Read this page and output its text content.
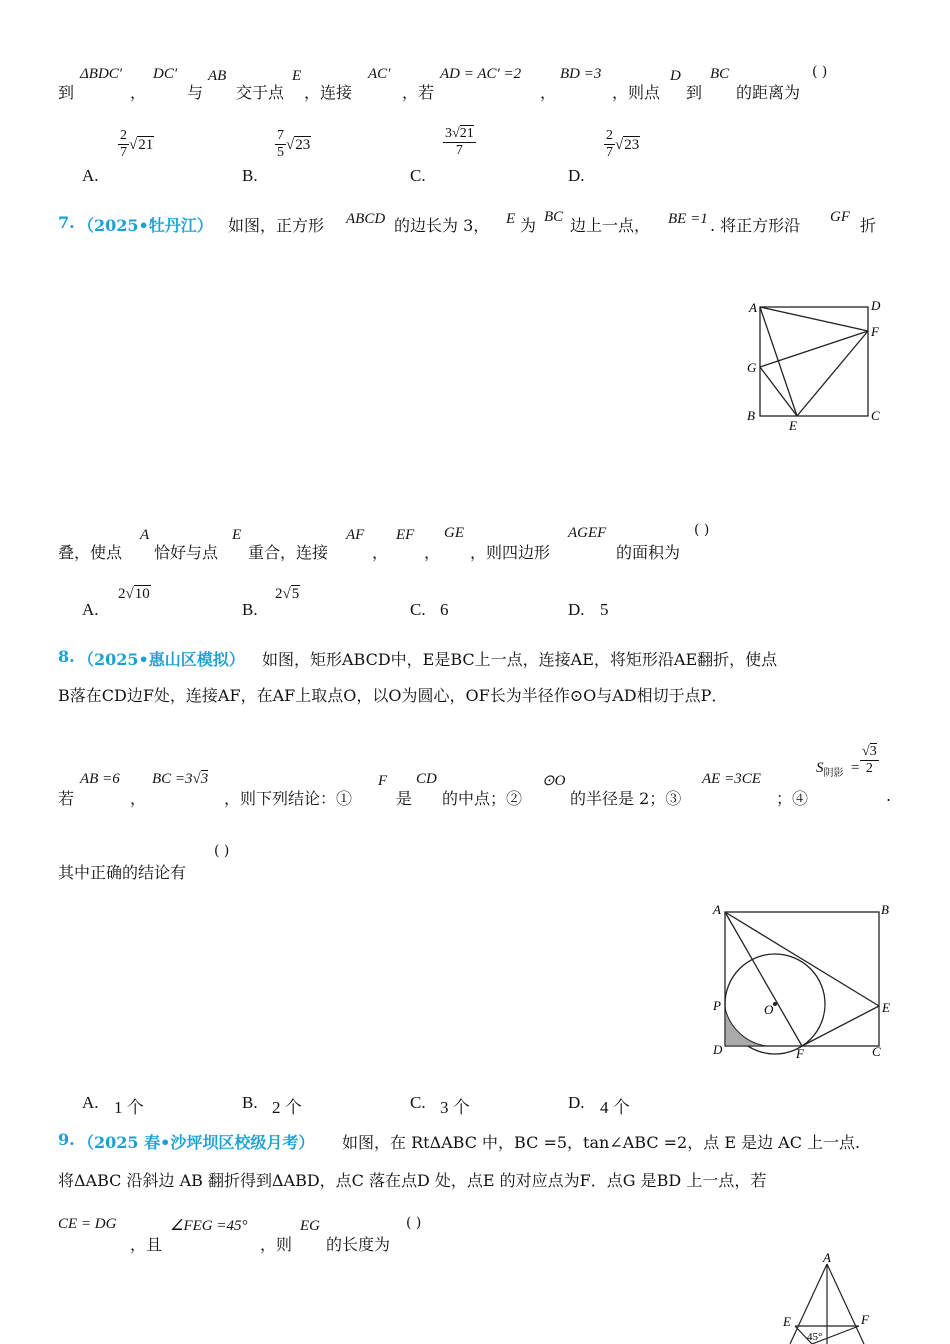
到
ΔBDC′
，
DC′
与
AB
交于点
E
，连接
AC′
，若
AD = AC′ =2
，
BD =3
，则点
D
到
BC
的距离为
( )
A.
$\frac{2}{7} √21$
B.
$\frac{7}{5} √23$
C.
$\frac{3√21}{7}$
D.
$\frac{2}{7} √23$
7. （2025•牡丹江） 如图，正方形 ABCD 的边长为 3， E 为 BC 边上一点， BE =1 . 将正方形沿 GF 折
A	D
F
G
B
E
C
叠，使点
A
恰好与点
E
重合，连接
AF
，
EF
，
GE
，则四边形
AGEF
的面积为
( )
A.
2√10
B.
2√5
C. 6	D. 5
8. （2025•惠山区模拟） 如图，矩形ABCD中，E是BC上一点，连接AE，将矩形沿AE翻折，使点
B落在CD边F处，连接AF，在AF上取点O，以O为圆心，OF长为半径作⊙O与AD相切于点P．
若
AB =6
，
BC =3√3
，则下列结论：①
F
是
CD
的中点；②
⊙O
的半径是 2；③
AE =3CE
；④
$S_{阴影} = \frac{√3}{2}$
.
其中正确的结论有
( )
A	B
P	O	E
D	F	C
A. 1 个	B. 2 个	C. 3 个	D. 4 个
9. （2025 春•沙坪坝区校级月考） 如图，在 RtΔABC 中，BC =5，tan∠ABC =2，点 E 是边 AC 上一点.
将ΔABC 沿斜边 AB 翻折得到ΔABD，点C 落在点D 处，点E 的对应点为F．点G 是BD 上一点，若
CE = DG
，且
∠FEG =45°
，则
EG
的长度为
( )
A
E	F
45°
